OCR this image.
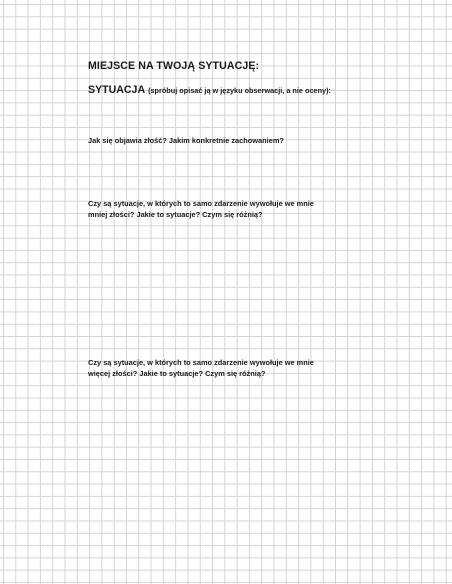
MIEJSCE NA TWOJĄ SYTUACJĘ:

SYTUACJA (spróbuj opisać ją w języku obserwacji, a nie oceny):

Jak się objawia złość? Jakim konkretnie zachowaniem?

Czy są sytuacje, w których to samo zdarzenie wywołuje we mnie
mniej złości? Jakie to sytuacje? Czym się różnią?

Czy są sytuacje, w których to samo zdarzenie wywołuje we mnie
więcej złości? Jakie to sytuacje? Czym się różnią?
